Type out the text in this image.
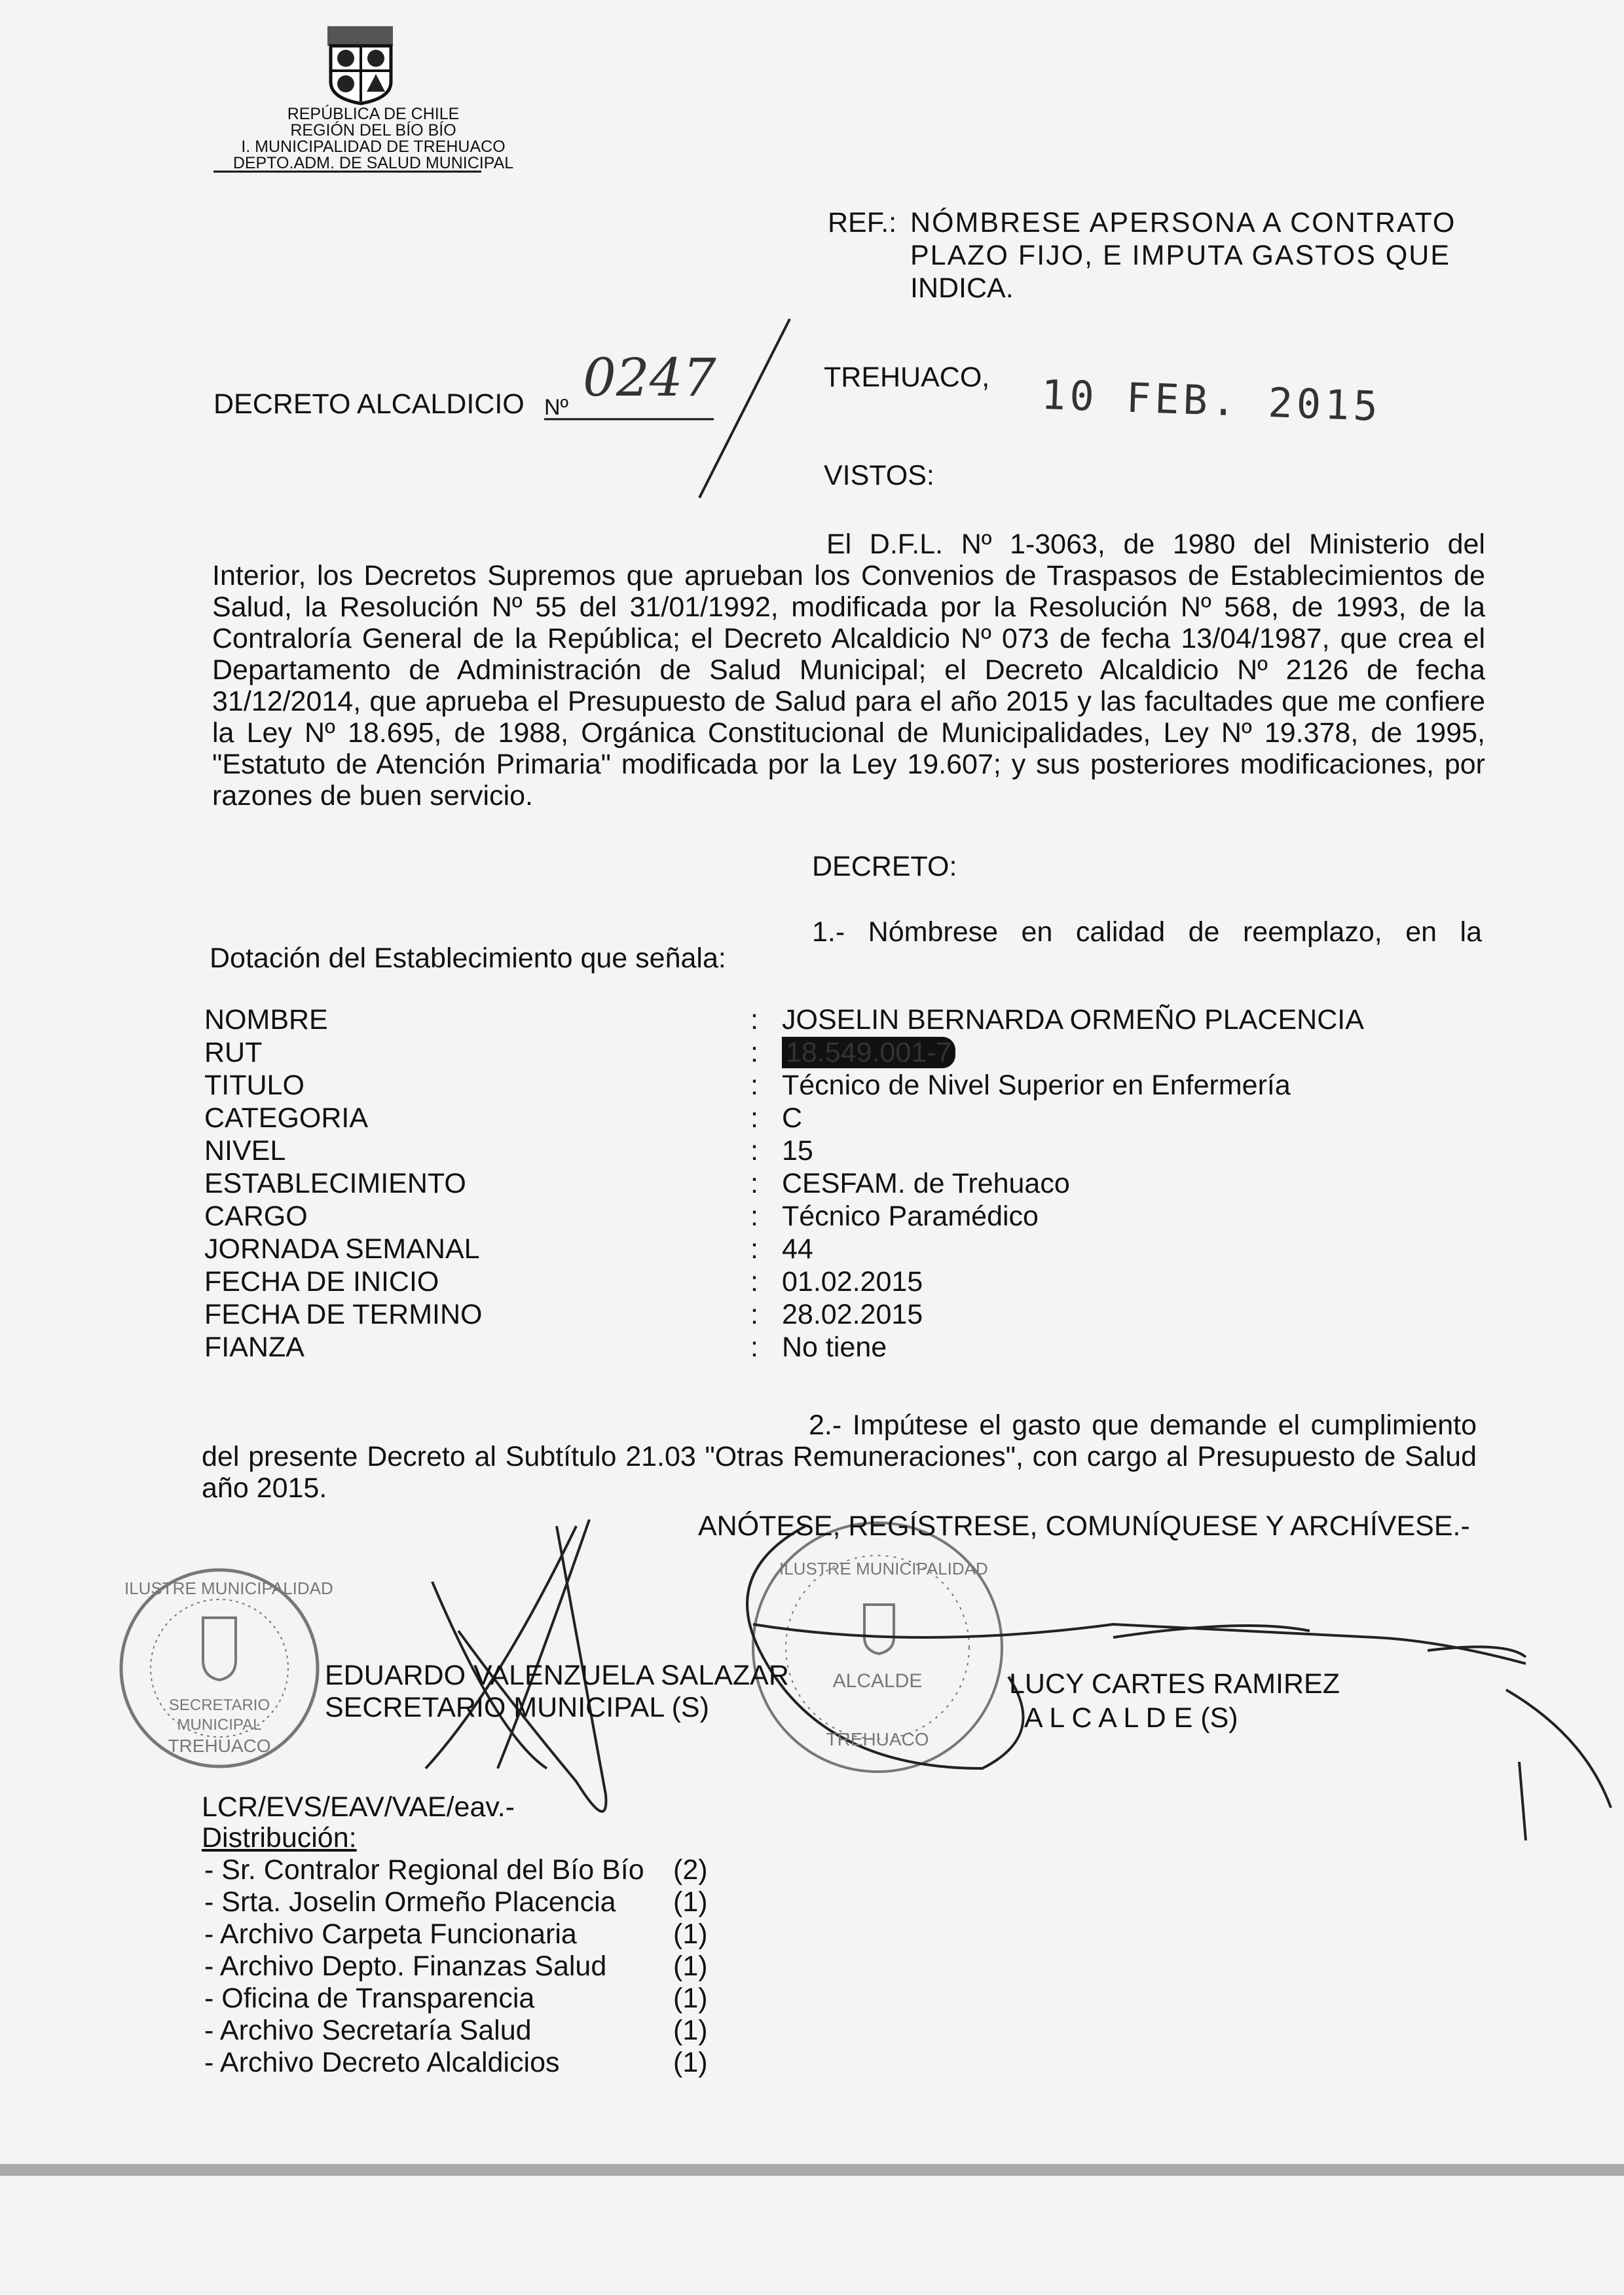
REPÚBLICA DE CHILE
REGIÓN DEL BÍO BÍO
I. MUNICIPALIDAD DE TREHUACO
DEPTO.ADM. DE SALUD MUNICIPAL
REF.: NÓMBRESE APERSONA A CONTRATO
PLAZO FIJO, E IMPUTA GASTOS QUE
INDICA.
DECRETO ALCALDICIO Nº 0247	TREHUACO, 10 FEB. 2015
VISTOS:
El D.F.L. Nº 1-3063, de 1980 del Ministerio del
Interior, los Decretos Supremos que aprueban los Convenios de Traspasos de Establecimientos de
Salud, la Resolución Nº 55 del 31/01/1992, modificada por la Resolución Nº 568, de 1993, de la
Contraloría General de la República; el Decreto Alcaldicio Nº 073 de fecha 13/04/1987, que crea el
Departamento de Administración de Salud Municipal; el Decreto Alcaldicio Nº 2126 de fecha
31/12/2014, que aprueba el Presupuesto de Salud para el año 2015 y las facultades que me confiere
la Ley Nº 18.695, de 1988, Orgánica Constitucional de Municipalidades, Ley Nº 19.378, de 1995,
"Estatuto de Atención Primaria" modificada por la Ley 19.607; y sus posteriores modificaciones, por
razones de buen servicio.
DECRETO:
1.- Nómbrese en calidad de reemplazo, en la
Dotación del Establecimiento que señala:
NOMBRE	: JOSELIN BERNARDA ORMEÑO PLACENCIA
RUT	: 18.549.001-7
TITULO	: Técnico de Nivel Superior en Enfermería
CATEGORIA	: C
NIVEL	: 15
ESTABLECIMIENTO	: CESFAM. de Trehuaco
CARGO	: Técnico Paramédico
JORNADA SEMANAL	: 44
FECHA DE INICIO	: 01.02.2015
FECHA DE TERMINO	: 28.02.2015
FIANZA	: No tiene
2.- Impútese el gasto que demande el cumplimiento
del presente Decreto al Subtítulo 21.03 "Otras Remuneraciones", con cargo al Presupuesto de Salud
año 2015.
ANÓTESE, REGÍSTRESE, COMUNÍQUESE Y ARCHÍVESE.-
EDUARDO VALENZUELA SALAZAR
SECRETARIO MUNICIPAL (S)
LUCY CARTES RAMIREZ
A L C A L D E (S)
SECRETARIO
MUNICIPAL
TREHUACO
ILUSTRE MUNICIPALIDAD
ALCALDE
TREHUACO
ILUSTRE MUNICIPALIDAD
LCR/EVS/EAV/VAE/eav.-
Distribución:
- Sr. Contralor Regional del Bío Bío (2)
- Srta. Joselin Ormeño Placencia (1)
- Archivo Carpeta Funcionaria	(1)
- Archivo Depto. Finanzas Salud (1)
- Oficina de Transparencia	(1)
- Archivo Secretaría Salud	(1)
- Archivo Decreto Alcaldicios	(1)
